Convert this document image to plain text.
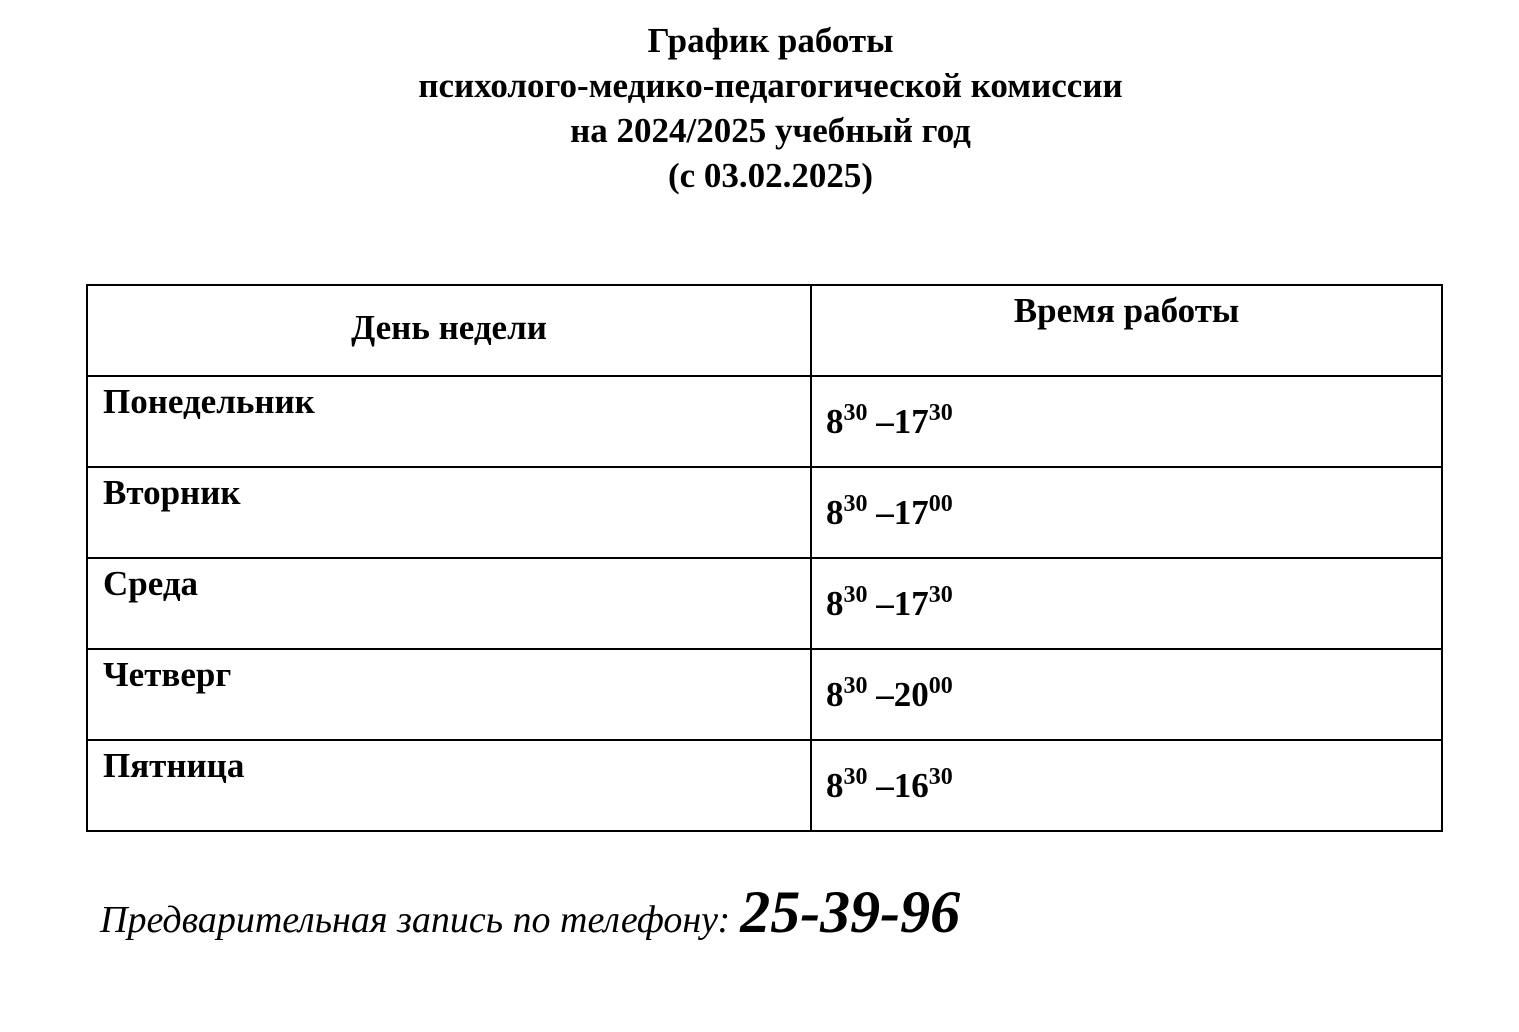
График работы
психолого-медико-педагогической комиссии
на 2024/2025 учебный год
(с 03.02.2025)
День недели	Время работы
Понедельник	$8^{30}$ $-17^{30}$
Вторник	$8^{30}$ $-17^{00}$
Среда	$8^{30}$ $-17^{30}$
Четверг	$8^{30}$ $-20^{00}$
Пятница	$8^{30}$ $-16^{30}$
Предварительная запись по телефону: 25-39-96
